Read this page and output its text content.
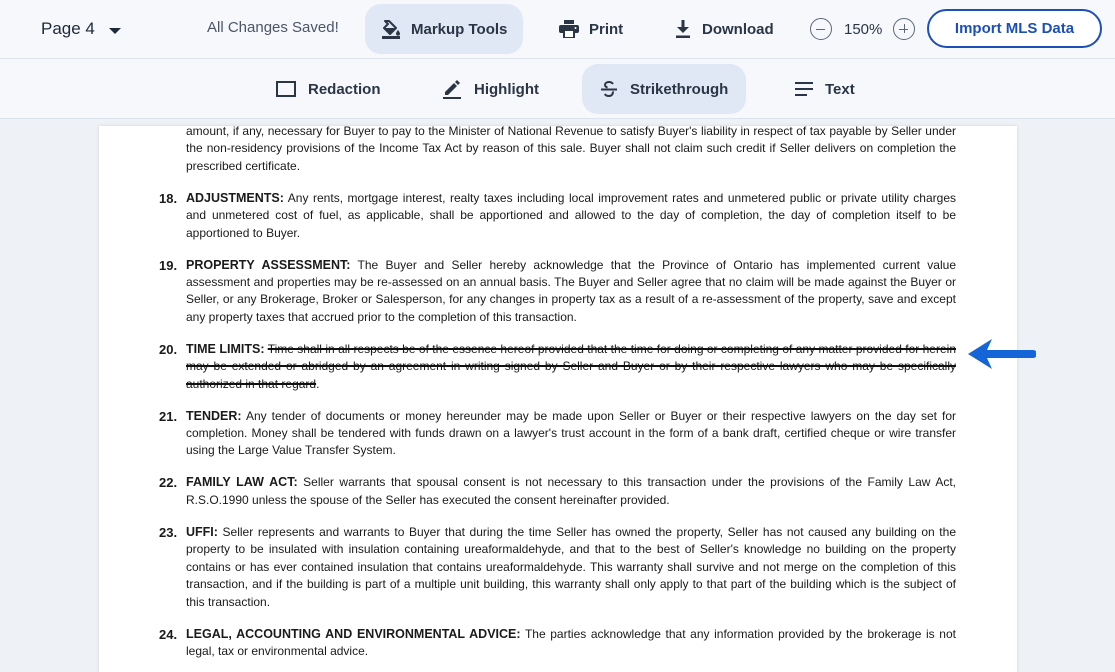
Page 4	All Changes Saved!	Markup Tools	Print	Download	150%	Import MLS Data
Redaction	Highlight	Strikethrough	Text
amount, if any, necessary for Buyer to pay to the Minister of National Revenue to satisfy Buyer's liability in respect of tax payable by Seller under the non-residency provisions of the Income Tax Act by reason of this sale. Buyer shall not claim such credit if Seller delivers on completion the prescribed certificate.
18. ADJUSTMENTS: Any rents, mortgage interest, realty taxes including local improvement rates and unmetered public or private utility charges and unmetered cost of fuel, as applicable, shall be apportioned and allowed to the day of completion, the day of completion itself to be apportioned to Buyer.
19. PROPERTY ASSESSMENT: The Buyer and Seller hereby acknowledge that the Province of Ontario has implemented current value assessment and properties may be re-assessed on an annual basis. The Buyer and Seller agree that no claim will be made against the Buyer or Seller, or any Brokerage, Broker or Salesperson, for any changes in property tax as a result of a re-assessment of the property, save and except any property taxes that accrued prior to the completion of this transaction.
20. TIME LIMITS: Time shall in all respects be of the essence hereof provided that the time for doing or completing of any matter provided for herein may be extended or abridged by an agreement in writing signed by Seller and Buyer or by their respective lawyers who may be specifically authorized in that regard.
21. TENDER: Any tender of documents or money hereunder may be made upon Seller or Buyer or their respective lawyers on the day set for completion. Money shall be tendered with funds drawn on a lawyer's trust account in the form of a bank draft, certified cheque or wire transfer using the Large Value Transfer System.
22. FAMILY LAW ACT: Seller warrants that spousal consent is not necessary to this transaction under the provisions of the Family Law Act, R.S.O.1990 unless the spouse of the Seller has executed the consent hereinafter provided.
23. UFFI: Seller represents and warrants to Buyer that during the time Seller has owned the property, Seller has not caused any building on the property to be insulated with insulation containing ureaformaldehyde, and that to the best of Seller's knowledge no building on the property contains or has ever contained insulation that contains ureaformaldehyde. This warranty shall survive and not merge on the completion of this transaction, and if the building is part of a multiple unit building, this warranty shall only apply to that part of the building which is the subject of this transaction.
24. LEGAL, ACCOUNTING AND ENVIRONMENTAL ADVICE: The parties acknowledge that any information provided by the brokerage is not legal, tax or environmental advice.
